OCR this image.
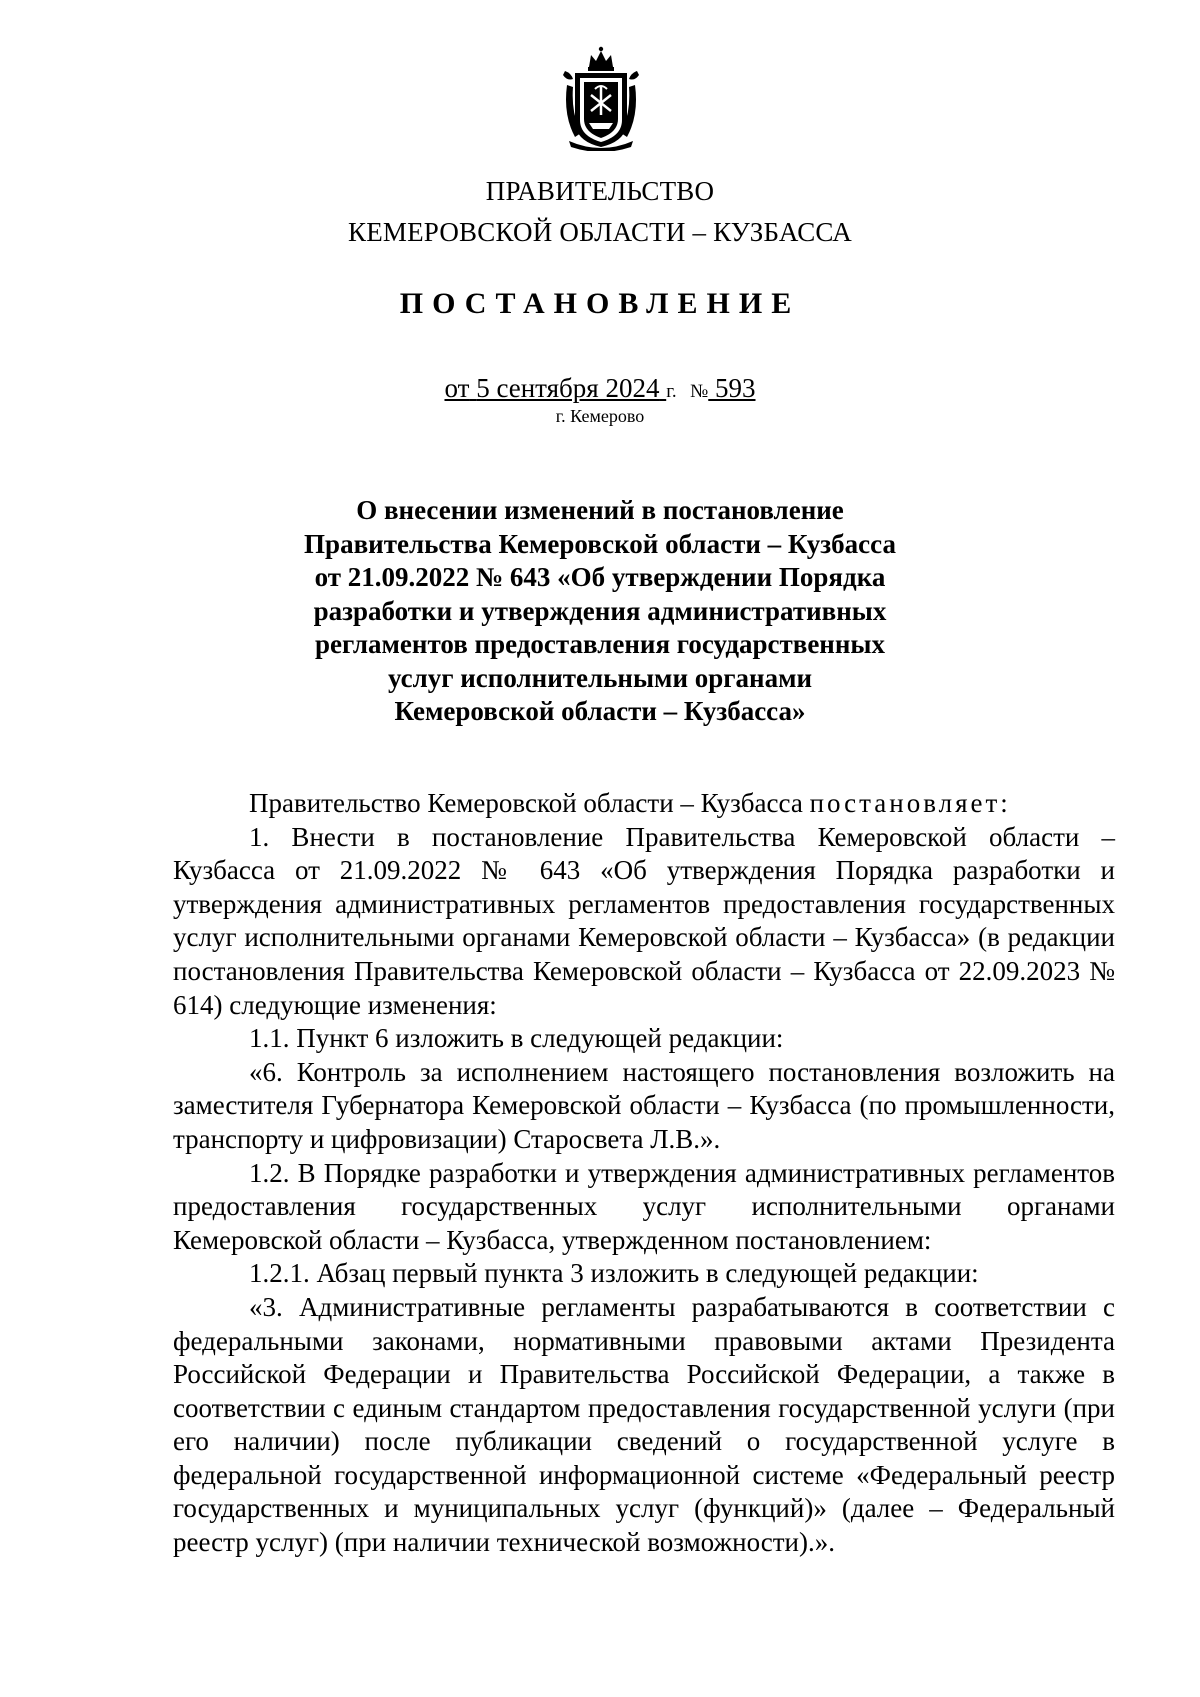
ПРАВИТЕЛЬСТВО
КЕМЕРОВСКОЙ ОБЛАСТИ – КУЗБАССА
ПОСТАНОВЛЕНИЕ
от 5 сентября 2024 г. № 593
г. Кемерово
О внесении изменений в постановление
Правительства Кемеровской области – Кузбасса
от 21.09.2022 № 643 «Об утверждении Порядка
разработки и утверждения административных
регламентов предоставления государственных
услуг исполнительными органами
Кемеровской области – Кузбасса»

Правительство Кемеровской области – Кузбасса постановляет:

1. Внести в постановление Правительства Кемеровской области – Кузбасса от 21.09.2022 № 643 «Об утверждения Порядка разработки и утверждения административных регламентов предоставления государственных услуг исполнительными органами Кемеровской области – Кузбасса» (в редакции постановления Правительства Кемеровской области – Кузбасса от 22.09.2023 № 614) следующие изменения:

1.1. Пункт 6 изложить в следующей редакции:

«6. Контроль за исполнением настоящего постановления возложить на заместителя Губернатора Кемеровской области – Кузбасса (по промышленности, транспорту и цифровизации) Старосвета Л.В.».

1.2. В Порядке разработки и утверждения административных регламентов предоставления государственных услуг исполнительными органами Кемеровской области – Кузбасса, утвержденном постановлением:

1.2.1. Абзац первый пункта 3 изложить в следующей редакции:

«3. Административные регламенты разрабатываются в соответствии с федеральными законами, нормативными правовыми актами Президента Российской Федерации и Правительства Российской Федерации, а также в соответствии с единым стандартом предоставления государственной услуги (при его наличии) после публикации сведений о государственной услуге в федеральной государственной информационной системе «Федеральный реестр государственных и муниципальных услуг (функций)» (далее – Федеральный реестр услуг) (при наличии технической возможности).».
